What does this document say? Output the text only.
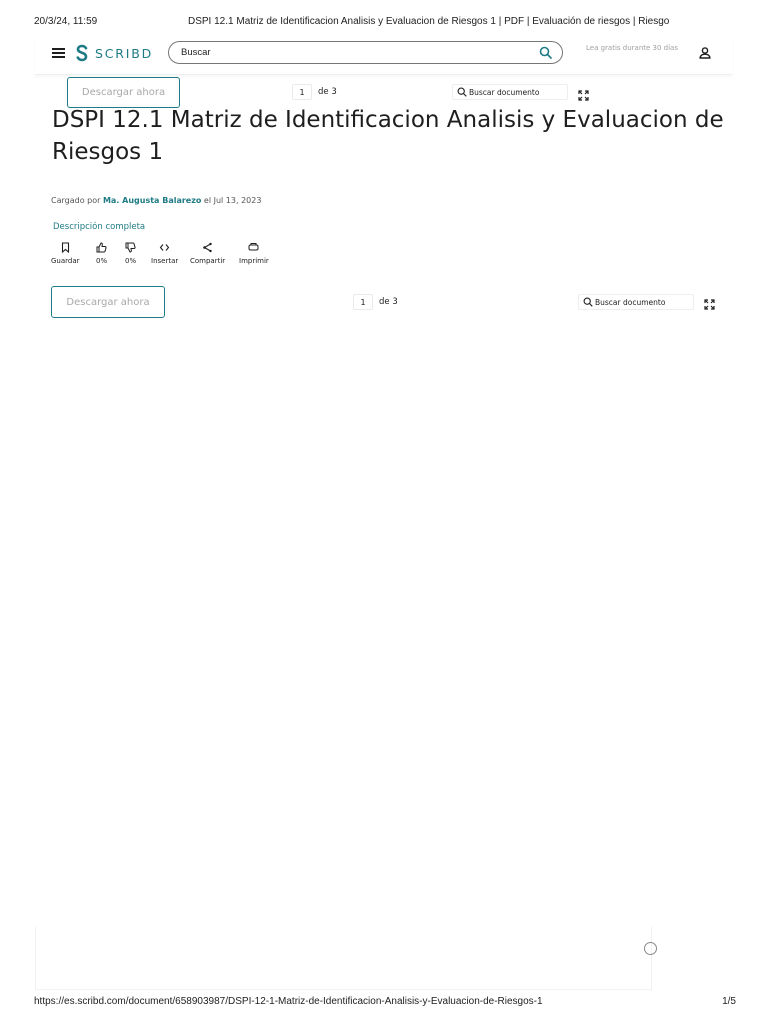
20/3/24, 11:59	DSPI 12.1 Matriz de Identificacion Analisis y Evaluacion de Riesgos 1 | PDF | Evaluación de riesgos | Riesgo
SCRIBD
Buscar	Lea gratis durante 30 días
Descargar ahora	1	de 3
Buscar documento
DSPI 12.1 Matriz de Identificacion Analisis y Evaluacion de Riesgos 1
Cargado por Ma. Augusta Balarezo el Jul 13, 2023
Descripción completa
Guardar 0%	0% Insertar Compartir Imprimir
Descargar ahora	1	de 3
Buscar documento
https://es.scribd.com/document/658903987/DSPI-12-1-Matriz-de-Identificacion-Analisis-y-Evaluacion-de-Riesgos-1	1/5
